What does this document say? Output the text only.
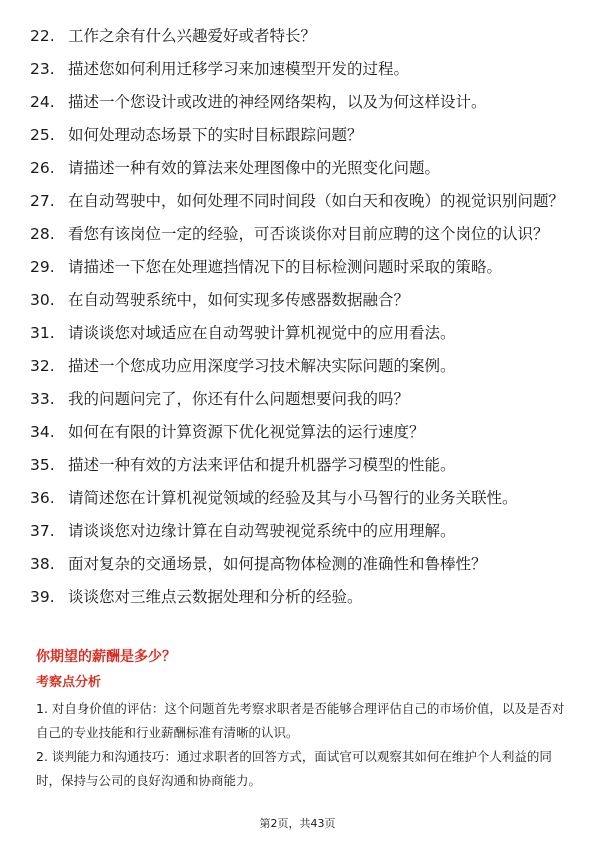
22. 工作之余有什么兴趣爱好或者特长？
23. 描述您如何利用迁移学习来加速模型开发的过程。
24. 描述一个您设计或改进的神经网络架构，以及为何这样设计。
25. 如何处理动态场景下的实时目标跟踪问题？
26. 请描述一种有效的算法来处理图像中的光照变化问题。
27. 在自动驾驶中，如何处理不同时间段（如白天和夜晚）的视觉识别问题？
28. 看您有该岗位一定的经验，可否谈谈你对目前应聘的这个岗位的认识？
29. 请描述一下您在处理遮挡情况下的目标检测问题时采取的策略。
30. 在自动驾驶系统中，如何实现多传感器数据融合？
31. 请谈谈您对域适应在自动驾驶计算机视觉中的应用看法。
32. 描述一个您成功应用深度学习技术解决实际问题的案例。
33. 我的问题问完了，你还有什么问题想要问我的吗？
34. 如何在有限的计算资源下优化视觉算法的运行速度？
35. 描述一种有效的方法来评估和提升机器学习模型的性能。
36. 请简述您在计算机视觉领域的经验及其与小马智行的业务关联性。
37. 请谈谈您对边缘计算在自动驾驶视觉系统中的应用理解。
38. 面对复杂的交通场景，如何提高物体检测的准确性和鲁棒性？
39. 谈谈您对三维点云数据处理和分析的经验。
你期望的薪酬是多少？
考察点分析
1. 对自身价值的评估：这个问题首先考察求职者是否能够合理评估自己的市场价值，以及是否对自己的专业技能和行业薪酬标准有清晰的认识。
2. 谈判能力和沟通技巧：通过求职者的回答方式，面试官可以观察其如何在维护个人利益的同时，保持与公司的良好沟通和协商能力。
第2页，共43页
